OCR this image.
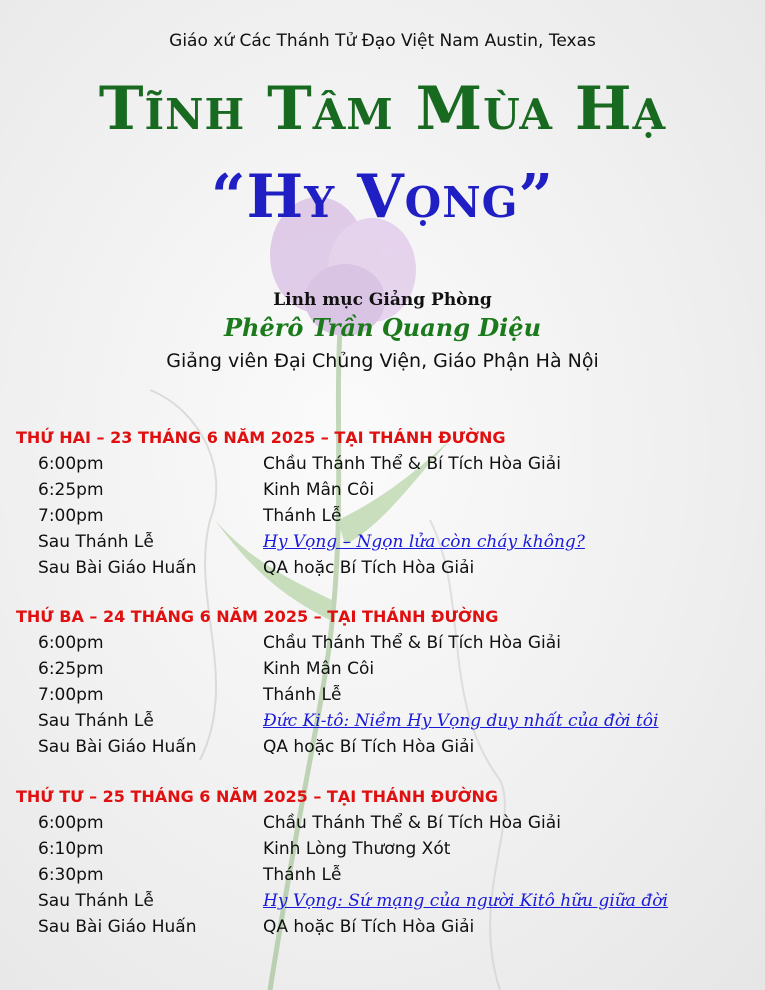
Giáo xứ Các Thánh Tử Đạo Việt Nam Austin, Texas
Tĩnh Tâm Mùa Hạ
“Hy Vọng”
Linh mục Giảng Phòng
Phêrô Trần Quang Diệu
Giảng viên Đại Chủng Viện, Giáo Phận Hà Nội
THỨ HAI – 23 THÁNG 6 NĂM 2025 – TẠI THÁNH ĐƯỜNG
6:00pm	Chầu Thánh Thể & Bí Tích Hòa Giải
6:25pm	Kinh Mân Côi
7:00pm	Thánh Lễ
Sau Thánh Lễ	Hy Vọng – Ngọn lửa còn cháy không?
Sau Bài Giáo Huấn	QA hoặc Bí Tích Hòa Giải
THỨ BA – 24 THÁNG 6 NĂM 2025 – TẠI THÁNH ĐƯỜNG
6:00pm	Chầu Thánh Thể & Bí Tích Hòa Giải
6:25pm	Kinh Mân Côi
7:00pm	Thánh Lễ
Sau Thánh Lễ	Đức Ki-tô: Niềm Hy Vọng duy nhất của đời tôi
Sau Bài Giáo Huấn	QA hoặc Bí Tích Hòa Giải
THỨ TƯ – 25 THÁNG 6 NĂM 2025 – TẠI THÁNH ĐƯỜNG
6:00pm	Chầu Thánh Thể & Bí Tích Hòa Giải
6:10pm	Kinh Lòng Thương Xót
6:30pm	Thánh Lễ
Sau Thánh Lễ	Hy Vọng: Sứ mạng của người Kitô hữu giữa đời
Sau Bài Giáo Huấn	QA hoặc Bí Tích Hòa Giải
